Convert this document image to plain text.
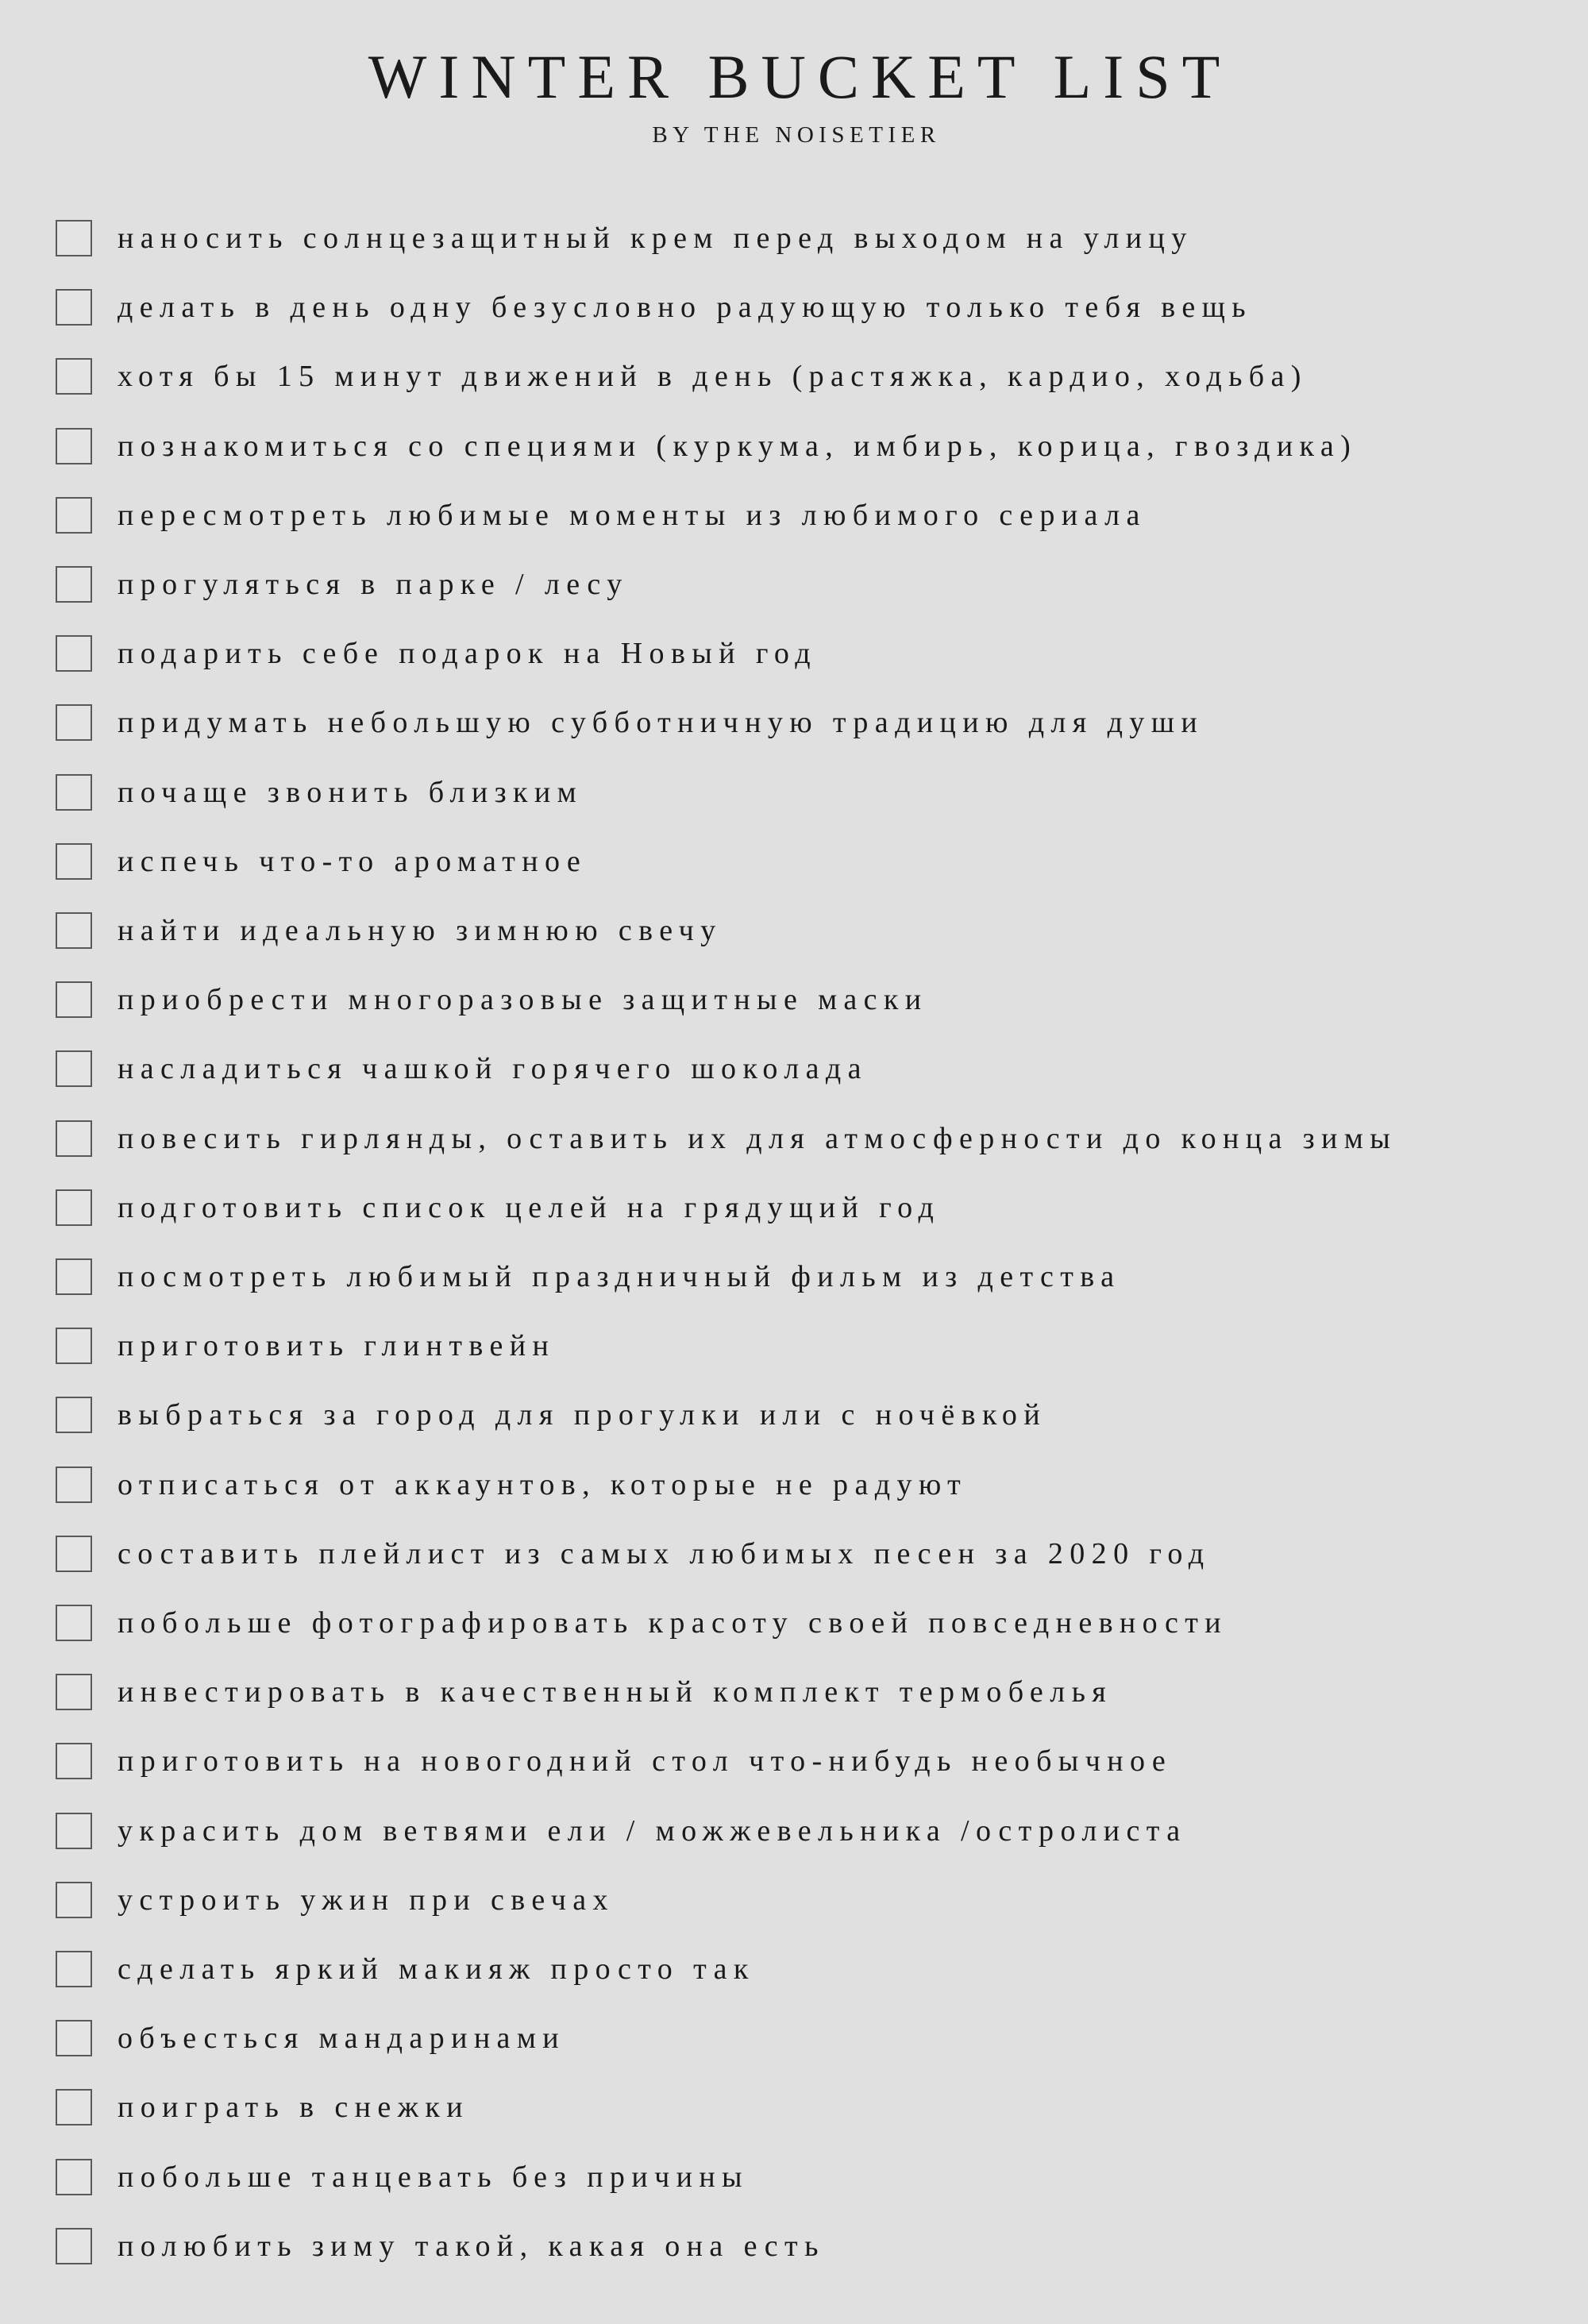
WINTER BUCKET LIST
BY THE NOISETIER
наносить солнцезащитный крем перед выходом на улицу
делать в день одну безусловно радующую только тебя вещь
хотя бы 15 минут движений в день (растяжка, кардио, ходьба)
познакомиться со специями (куркума, имбирь, корица, гвоздика)
пересмотреть любимые моменты из любимого сериала
прогуляться в парке / лесу
подарить себе подарок на Новый год
придумать небольшую субботничную традицию для души
почаще звонить близким
испечь что-то ароматное
найти идеальную зимнюю свечу
приобрести многоразовые защитные маски
насладиться чашкой горячего шоколада
повесить гирлянды, оставить их для атмосферности до конца зимы
подготовить список целей на грядущий год
посмотреть любимый праздничный фильм из детства
приготовить глинтвейн
выбраться за город для прогулки или с ночёвкой
отписаться от аккаунтов, которые не радуют
составить плейлист из самых любимых песен за 2020 год
побольше фотографировать красоту своей повседневности
инвестировать в качественный комплект термобелья
приготовить на новогодний стол что-нибудь необычное
украсить дом ветвями ели / можжевельника /остролиста
устроить ужин при свечах
сделать яркий макияж просто так
объесться мандаринами
поиграть в снежки
побольше танцевать без причины
полюбить зиму такой, какая она есть
